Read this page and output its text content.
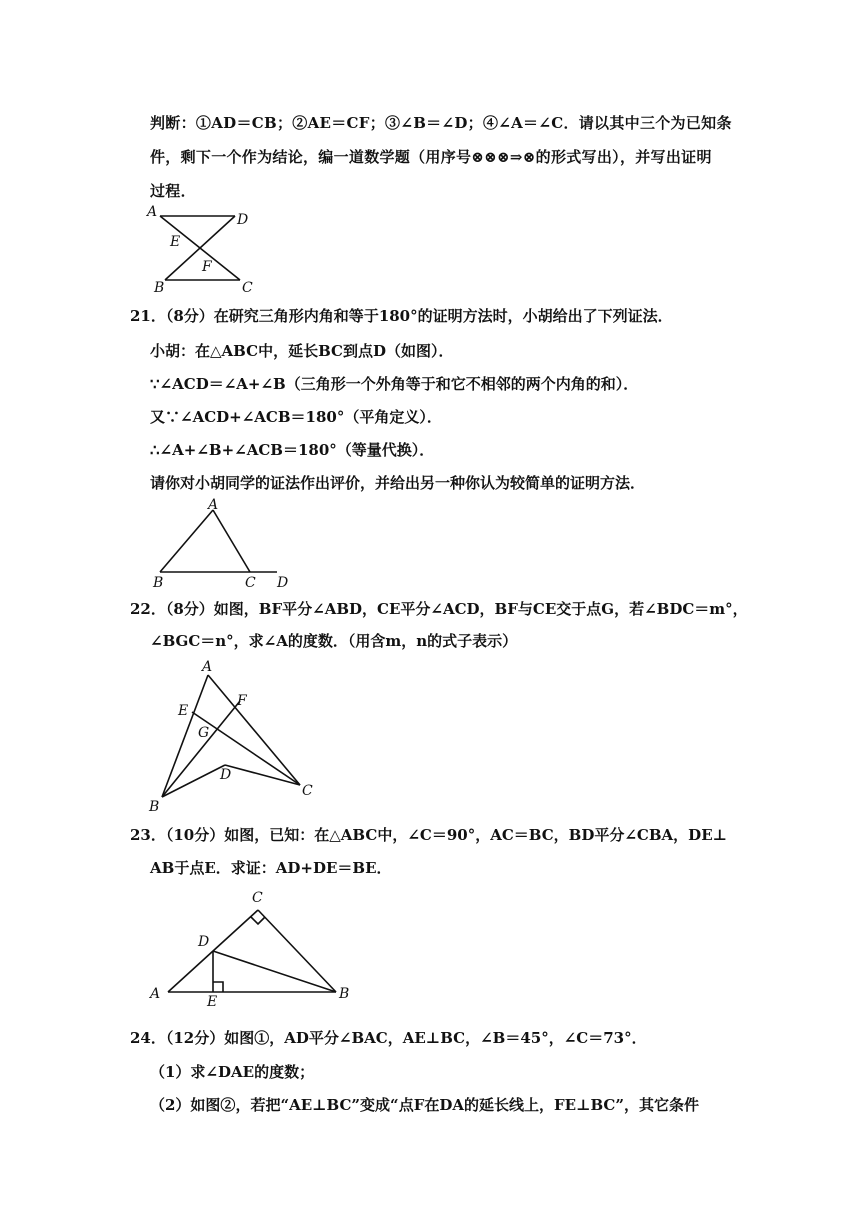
判断：①AD＝CB；②AE＝CF；③∠B＝∠D；④∠A＝∠C．请以其中三个为已知条
件，剩下一个作为结论，编一道数学题（用序号⊗⊗⊗⇒⊗的形式写出），并写出证明
过程．
A	D
E
F
B	C
21．（8分）在研究三角形内角和等于180°的证明方法时，小胡给出了下列证法．
小胡：在△ABC中，延长BC到点D（如图）．
∵∠ACD＝∠A+∠B（三角形一个外角等于和它不相邻的两个内角的和）．
又∵∠ACD+∠ACB＝180°（平角定义）．
∴∠A+∠B+∠ACB＝180°（等量代换）．
请你对小胡同学的证法作出评价，并给出另一种你认为较简单的证明方法．
A
B	C D
22．（8分）如图，BF平分∠ABD，CE平分∠ACD，BF与CE交于点G，若∠BDC＝m°，
∠BGC＝n°，求∠A的度数．（用含m，n的式子表示）
A
E
F
G
D
B
C
23．（10分）如图，已知：在△ABC中，∠C＝90°，AC＝BC，BD平分∠CBA，DE⊥
AB于点E．求证：AD+DE＝BE．
C
D
A	E	B
24．（12分）如图①，AD平分∠BAC，AE⊥BC，∠B＝45°，∠C＝73°．
（1）求∠DAE的度数；
（2）如图②，若把“AE⊥BC”变成“点F在DA的延长线上，FE⊥BC”，其它条件
